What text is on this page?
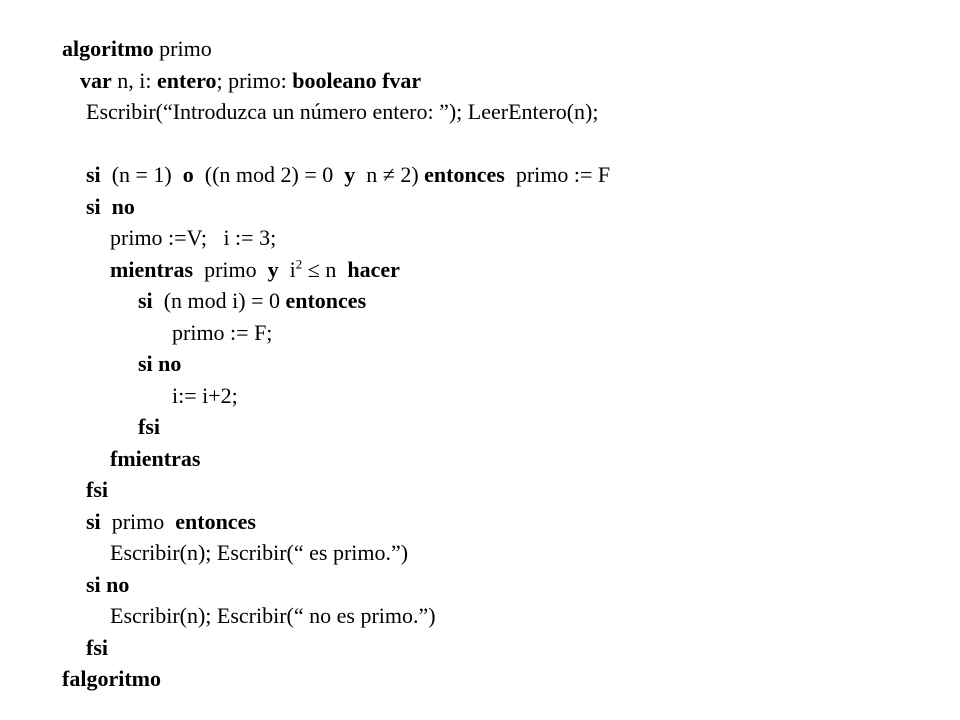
algoritmo primo
var n, i: entero; primo: booleano fvar
Escribir(“Introduzca un número entero: ”); LeerEntero(n);
si  (n = 1)  o  ((n mod 2) = 0  y  n ≠ 2) entonces  primo := F
si  no
primo :=V;   i := 3;
mientras  primo  y  $i^2 \le n$  hacer
si  (n mod i) = 0 entonces
primo := F;
si no
i:= i+2;
fsi
fmientras
fsi
si  primo  entonces
Escribir(n); Escribir(“ es primo.”)
si no
Escribir(n); Escribir(“ no es primo.”)
fsi
falgoritmo
